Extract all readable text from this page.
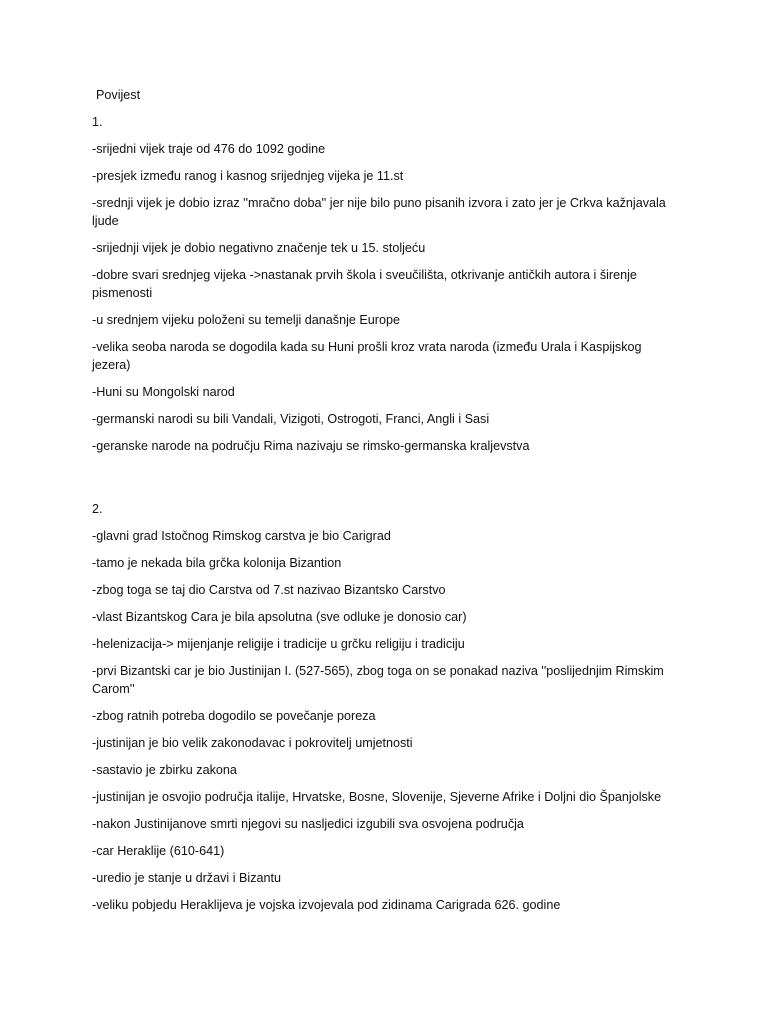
Povijest
1.
-srijedni vijek traje od 476 do 1092 godine
-presjek između ranog i kasnog srijednjeg vijeka je 11.st
-srednji vijek je dobio izraz ''mračno doba'' jer nije bilo puno pisanih izvora i zato jer je Crkva kažnjavala ljude
-srijednji vijek je dobio negativno značenje tek u 15. stoljeću
-dobre svari srednjeg vijeka ->nastanak prvih škola i sveučilišta, otkrivanje antičkih autora i širenje pismenosti
-u srednjem vijeku položeni su temelji današnje Europe
-velika seoba naroda se dogodila kada su Huni prošli kroz vrata naroda (između Urala i Kaspijskog jezera)
-Huni su Mongolski narod
-germanski narodi su bili Vandali, Vizigoti, Ostrogoti, Franci, Angli i Sasi
-geranske narode na području Rima nazivaju se rimsko-germanska kraljevstva
2.
-glavni grad Istočnog Rimskog carstva je bio Carigrad
-tamo je nekada bila grčka kolonija Bizantion
-zbog toga se taj dio Carstva od 7.st nazivao Bizantsko Carstvo
-vlast Bizantskog Cara je bila apsolutna (sve odluke je donosio car)
-helenizacija-> mijenjanje religije i tradicije u grčku religiju i tradiciju
-prvi Bizantski car je bio Justinijan I. (527-565), zbog toga on se ponakad naziva ''poslijednjim Rimskim Carom''
-zbog ratnih potreba dogodilo se povečanje poreza
-justinijan je bio velik zakonodavac i pokrovitelj umjetnosti
-sastavio je zbirku zakona
-justinijan je osvojio područja italije, Hrvatske, Bosne, Slovenije, Sjeverne Afrike i Doljni dio Španjolske
-nakon Justinijanove smrti njegovi su nasljedici izgubili sva osvojena područja
-car Heraklije (610-641)
-uredio je stanje u državi i Bizantu
-veliku pobjedu Heraklijeva je vojska izvojevala pod zidinama Carigrada 626. godine
